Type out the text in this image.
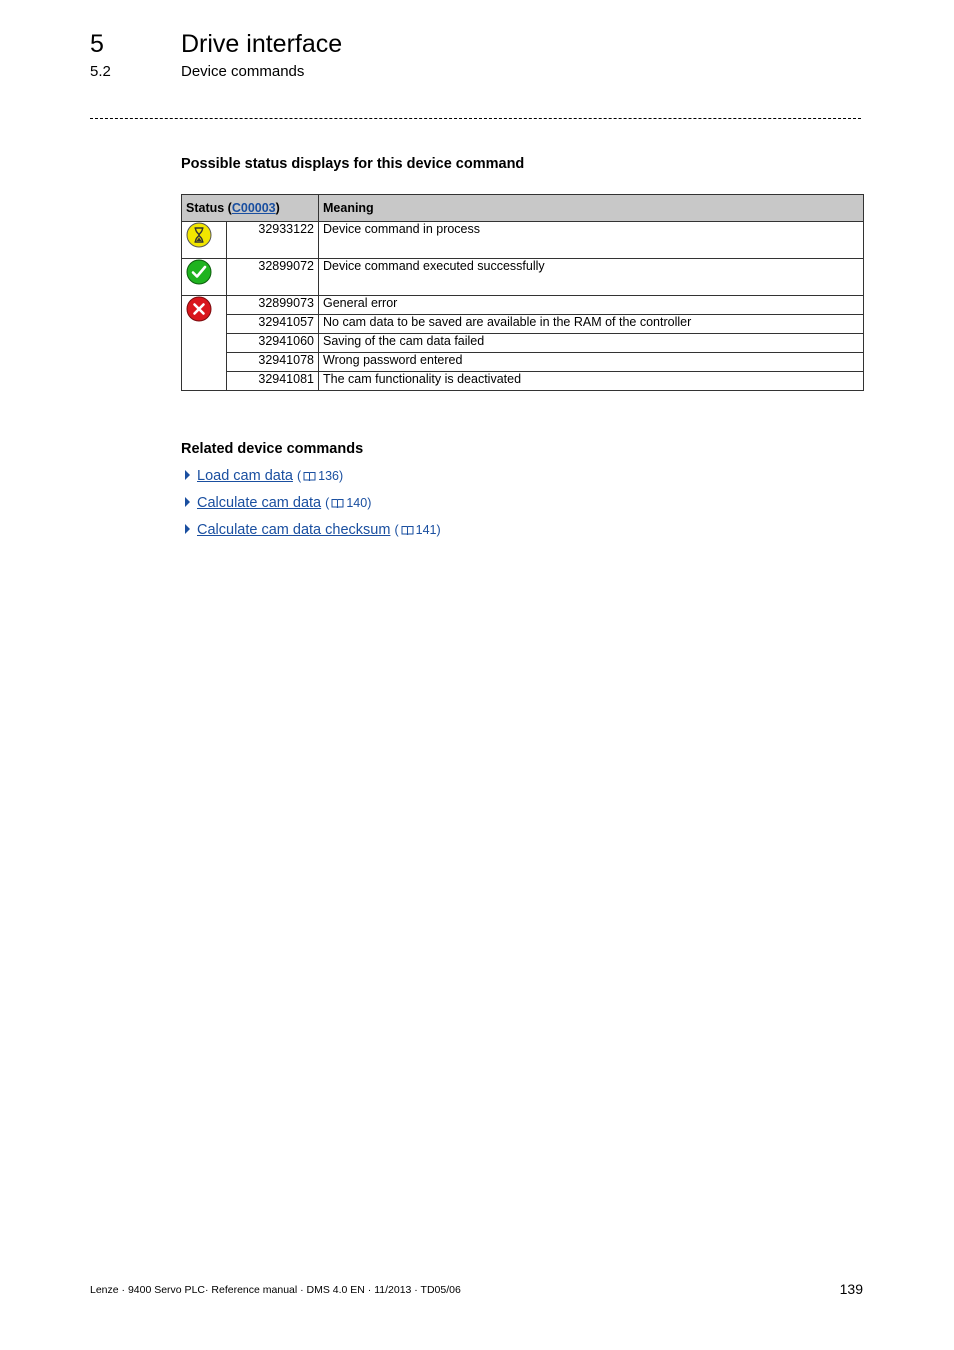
5	Drive interface
5.2	Device commands
Possible status displays for this device command
Status (C00003)		Meaning

	32933122	Device command in process

	32899072	Device command executed successfully

	32899073	General error
	32941057	No cam data to be saved are available in the RAM of the controller
	32941060	Saving of the cam data failed
	32941078	Wrong password entered
	32941081	The cam functionality is deactivated
Related device commands
Load cam data ( 136)
Calculate cam data ( 140)
Calculate cam data checksum ( 141)
Lenze · 9400 Servo PLC· Reference manual · DMS 4.0 EN · 11/2013 · TD05/06	139
